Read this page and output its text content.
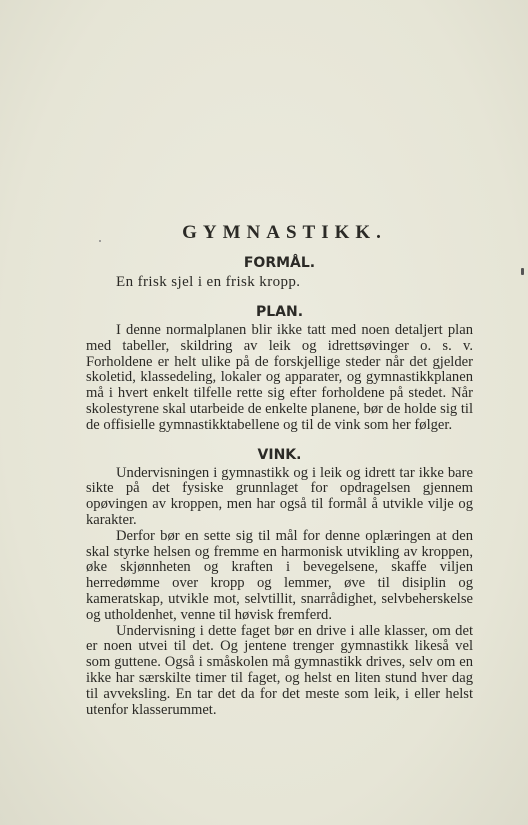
GYMNASTIKK.
FORMÅL.

En frisk sjel i en frisk kropp.

PLAN.

I denne normalplanen blir ikke tatt med noen detaljert plan med tabeller, skildring av leik og idrettsøvinger o. s. v. Forholdene er helt ulike på de forskjellige steder når det gjelder skoletid, klassedeling, lokaler og apparater, og gymnastikkplanen må i hvert enkelt tilfelle rette sig efter forholdene på stedet. Når skolestyrene skal utarbeide de enkelte planene, bør de holde sig til de offisielle gymnastikktabellene og til de vink som her følger.

VINK.

Undervisningen i gymnastikk og i leik og idrett tar ikke bare sikte på det fysiske grunnlaget for opdragelsen gjennem opøvingen av kroppen, men har også til formål å utvikle vilje og karakter.

Derfor bør en sette sig til mål for denne oplæringen at den skal styrke helsen og fremme en harmonisk utvikling av kroppen, øke skjønnheten og kraften i bevegelsene, skaffe viljen herredømme over kropp og lemmer, øve til disiplin og kameratskap, utvikle mot, selvtillit, snarrådighet, selvbeherskelse og utholdenhet, venne til høvisk fremferd.

Undervisning i dette faget bør en drive i alle klasser, om det er noen utvei til det. Og jentene trenger gymnastikk likeså vel som guttene. Også i småskolen må gymnastikk drives, selv om en ikke har særskilte timer til faget, og helst en liten stund hver dag til avveksling. En tar det da for det meste som leik, i eller helst utenfor klasserummet.
